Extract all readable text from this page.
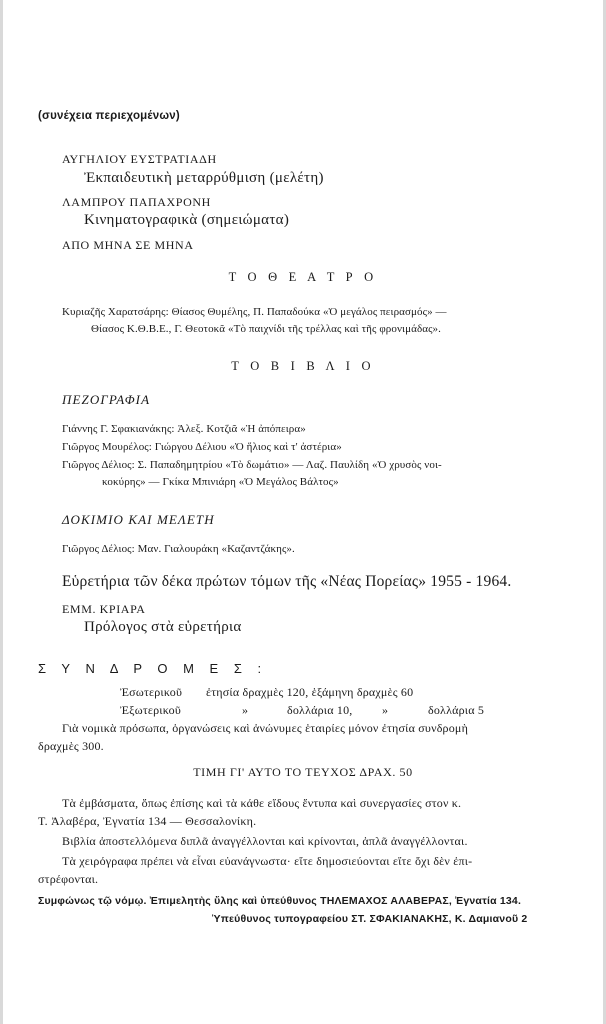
(συνέχεια περιεχομένων)
ΑΥΓΗΛΙΟΥ ΕΥΣΤΡΑΤΙΑΔΗ
Ἐκπαιδευτικὴ μεταρρύθμιση (μελέτη)
ΛΑΜΠΡΟΥ ΠΑΠΑΧΡΟΝΗ
Κινηματογραφικὰ (σημειώματα)
ΑΠΟ ΜΗΝΑ ΣΕ ΜΗΝΑ
Τ Ο Θ Ε Α Τ Ρ Ο
Κυριαζῆς Χαρατσάρης: Θίασος Θυμέλης, Π. Παπαδούκα «Ὁ μεγάλος πειρασμός» —
Θίασος Κ.Θ.Β.Ε., Γ. Θεοτοκᾶ «Τὸ παιχνίδι τῆς τρέλλας καὶ τῆς φρονιμάδας».
Τ Ο Β Ι Β Λ Ι Ο
ΠΕΖΟΓΡΑΦΙΑ
Γιάννης Γ. Σφακιανάκης: Ἀλεξ. Κοτζιᾶ «Ἡ ἀπόπειρα»
Γιῶργος Μουρέλος: Γιώργου Δέλιου «Ὁ ἥλιος καὶ τ' ἀστέρια»
Γιῶργος Δέλιος: Σ. Παπαδημητρίου «Τὸ δωμάτιο» — Λαζ. Παυλίδη «Ὁ χρυσὸς νοι-
κοκύρης» — Γκίκα Μπινιάρη «Ὁ Μεγάλος Βάλτος»
ΔΟΚΙΜΙΟ ΚΑΙ ΜΕΛΕΤΗ
Γιῶργος Δέλιος: Μαν. Γιαλουράκη «Καζαντζάκης».
Εὑρετήρια τῶν δέκα πρώτων τόμων τῆς «Νέας Πορείας» 1955 - 1964.
ΕΜΜ. ΚΡΙΑΡΑ
Πρόλογος στὰ εὑρετήρια
Σ Υ Ν Δ Ρ Ο Μ Ε Σ :
Ἐσωτερικοῦ ἐτησία δραχμὲς 120, ἑξάμηνη δραχμὲς 60
Ἐξωτερικοῦ	»	δολλάρια 10, »	δολλάρια 5
Γιὰ νομικὰ πρόσωπα, ὀργανώσεις καὶ ἀνώνυμες ἑταιρίες μόνον ἐτησία συνδρομὴ
δραχμὲς 300.
ΤΙΜΗ ΓΙ' ΑΥΤΟ ΤΟ ΤΕΥΧΟΣ ΔΡΑΧ. 50
Τὰ ἐμβάσματα, ὅπως ἐπίσης καὶ τὰ κάθε εἴδους ἔντυπα καὶ συνεργασίες στον κ.
Τ. Ἀλαβέρα, Ἐγνατία 134 — Θεσσαλονίκη.
Βιβλία ἀποστελλόμενα διπλᾶ ἀναγγέλλονται καὶ κρίνονται, ἁπλᾶ ἀναγγέλλονται.
Τὰ χειρόγραφα πρέπει νὰ εἶναι εὐανάγνωστα· εἴτε δημοσιεύονται εἴτε ὄχι δὲν ἐπι-
στρέφονται.
Συμφώνως τῷ νόμῳ. Ἐπιμελητὴς ὕλης καὶ ὑπεύθυνος ΤΗΛΕΜΑΧΟΣ ΑΛΑΒΕΡΑΣ, Ἐγνατία 134.
Ὑπεύθυνος τυπογραφείου ΣΤ. ΣΦΑΚΙΑΝΑΚΗΣ, Κ. Δαμιανοῦ 2
